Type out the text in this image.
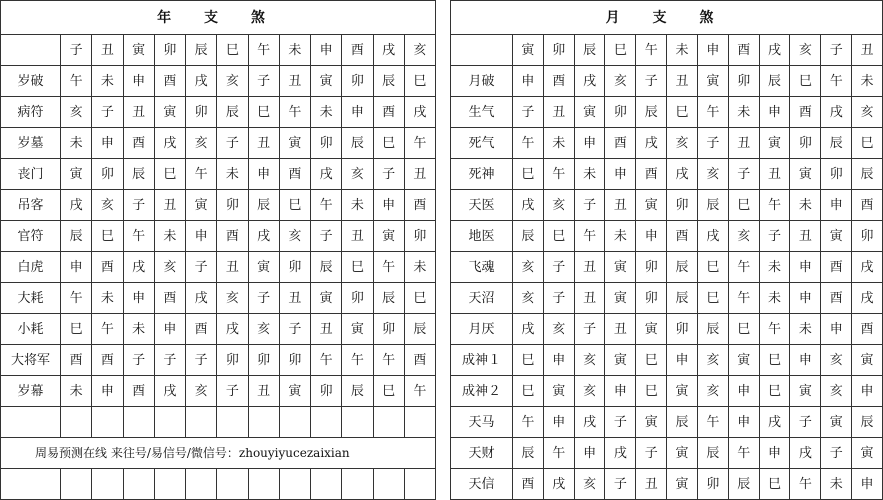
年 支 煞												
	子	丑	寅	卯	辰	巳	午	未	申	酉	戌	亥
岁破	午	未	申	酉	戌	亥	子	丑	寅	卯	辰	巳
病符	亥	子	丑	寅	卯	辰	巳	午	未	申	酉	戌
岁墓	未	申	酉	戌	亥	子	丑	寅	卯	辰	巳	午
丧门	寅	卯	辰	巳	午	未	申	酉	戌	亥	子	丑
吊客	戌	亥	子	丑	寅	卯	辰	巳	午	未	申	酉
官符	辰	巳	午	未	申	酉	戌	亥	子	丑	寅	卯
白虎	申	酉	戌	亥	子	丑	寅	卯	辰	巳	午	未
大耗	午	未	申	酉	戌	亥	子	丑	寅	卯	辰	巳
小耗	巳	午	未	申	酉	戌	亥	子	丑	寅	卯	辰
大将军	酉	酉	子	子	子	卯	卯	卯	午	午	午	酉
岁幕	未	申	酉	戌	亥	子	丑	寅	卯	辰	巳	午

周易预测在线 来往号/易信号/微信号：zhouyiyucezaixian												

月 支 煞												
	寅	卯	辰	巳	午	未	申	酉	戌	亥	子	丑
月破	申	酉	戌	亥	子	丑	寅	卯	辰	巳	午	未
生气	子	丑	寅	卯	辰	巳	午	未	申	酉	戌	亥
死气	午	未	申	酉	戌	亥	子	丑	寅	卯	辰	巳
死神	巳	午	未	申	酉	戌	亥	子	丑	寅	卯	辰
天医	戌	亥	子	丑	寅	卯	辰	巳	午	未	申	酉
地医	辰	巳	午	未	申	酉	戌	亥	子	丑	寅	卯
飞魂	亥	子	丑	寅	卯	辰	巳	午	未	申	酉	戌
天沼	亥	子	丑	寅	卯	辰	巳	午	未	申	酉	戌
月厌	戌	亥	子	丑	寅	卯	辰	巳	午	未	申	酉
成神１	巳	申	亥	寅	巳	申	亥	寅	巳	申	亥	寅
成神２	巳	寅	亥	申	巳	寅	亥	申	巳	寅	亥	申
天马	午	申	戌	子	寅	辰	午	申	戌	子	寅	辰
天财	辰	午	申	戌	子	寅	辰	午	申	戌	子	寅
天信	酉	戌	亥	子	丑	寅	卯	辰	巳	午	未	申
